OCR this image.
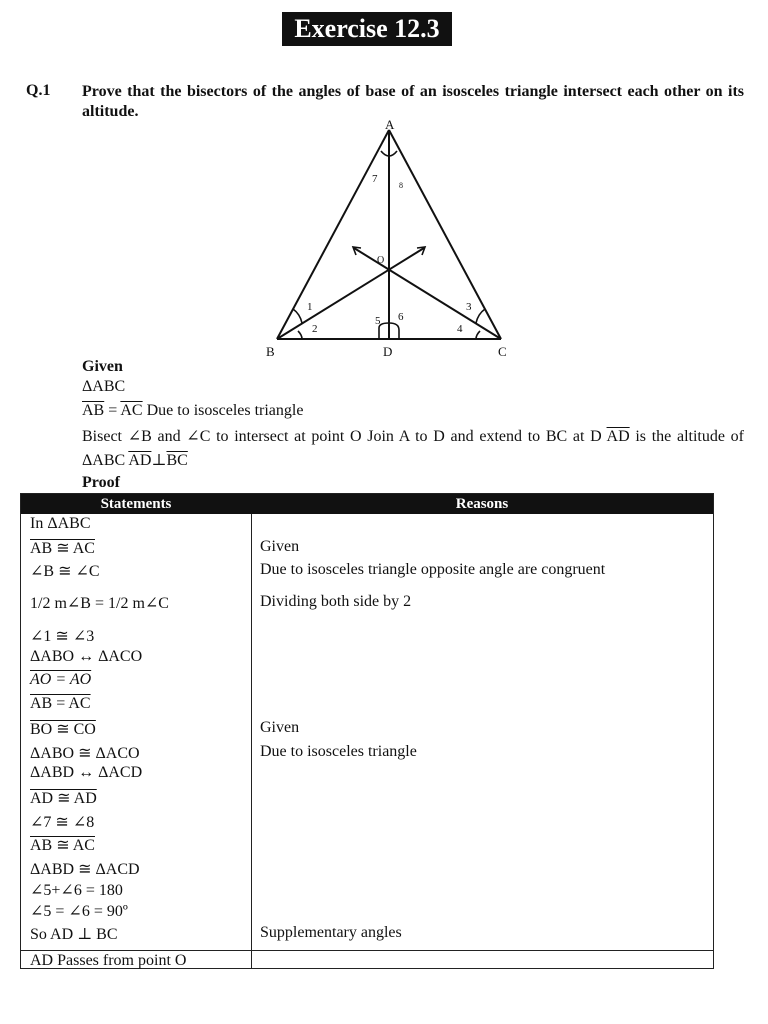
Exercise 12.3
Q.1 Prove that the bisectors of the angles of base of an isosceles triangle intersect each other on its altitude.
7
8
1
2
3
4
5 6
A
B	C
D
O
Given
ΔABC
$\overline{AB} = \overline{AC}$ Due to isosceles triangle
Bisect ∠B and ∠C to intersect at point O Join A to D and extend to BC at D $\overline{AD}$ is the altitude of ΔABC $\overline{AD}\perp\overline{BC}$
Proof
Statements	Reasons
In ΔABC
AB ≅ AC	Given
∠B ≅ ∠C	Due to isosceles triangle opposite angle are congruent
1/2 m∠B = 1/2 m∠C	Dividing both side by 2
∠1 ≅ ∠3
ΔABO ↔ ΔACO
AO = AO
AB = AC
BO ≅ CO	Given
ΔABO ≅ ΔACO	Due to isosceles triangle
ΔABD ↔ ΔACD
AD ≅ AD
∠7 ≅ ∠8
AB ≅ AC
ΔABD ≅ ΔACD
∠5+∠6 = 180
∠5 = ∠6 = 90º
So AD ⊥ BC	Supplementary angles
AD Passes from point O
